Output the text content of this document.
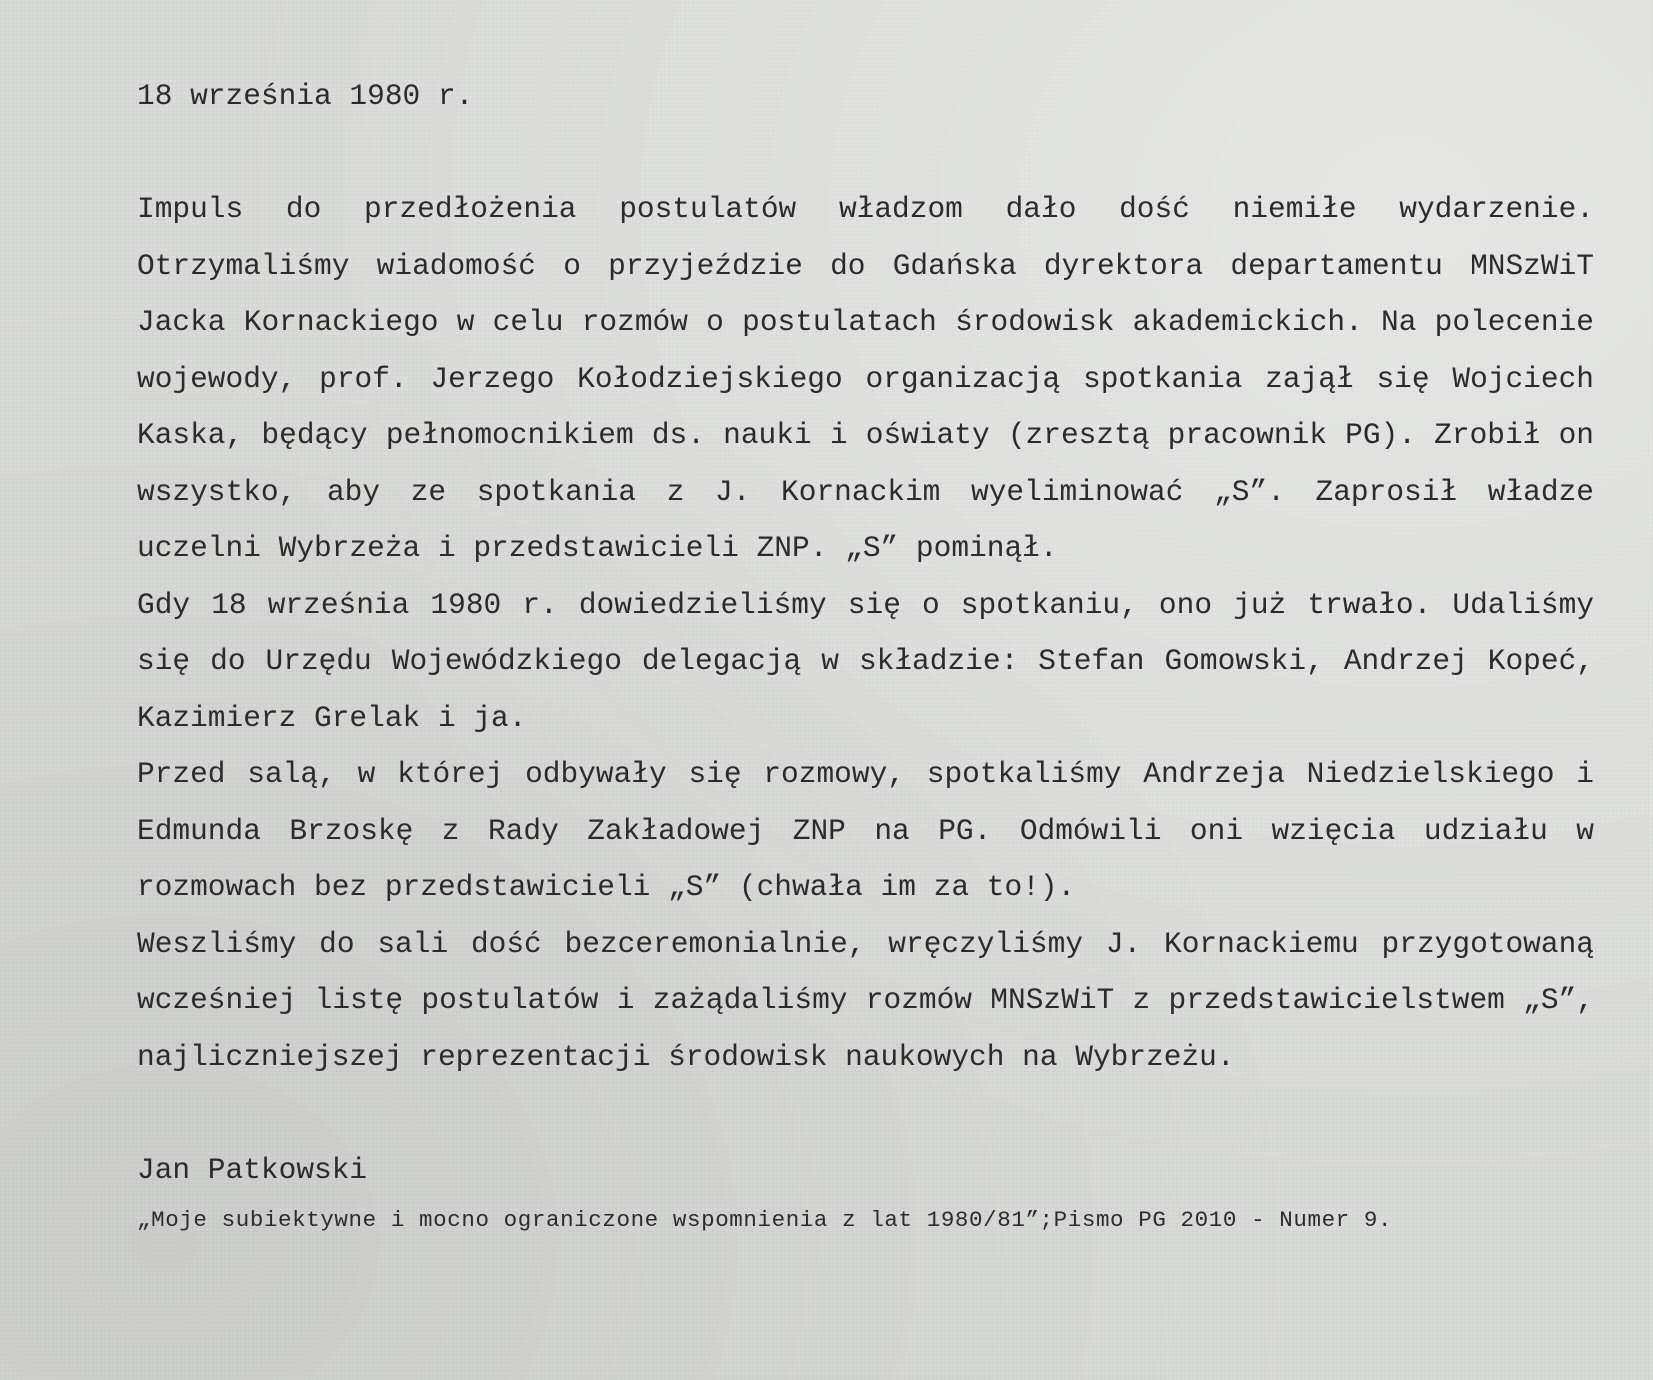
18 września 1980 r.

Impuls do przedłożenia postulatów władzom dało dość niemiłe wydarzenie. Otrzymaliśmy wiadomość o przyjeździe do Gdańska dyrektora departamentu MNSzWiT Jacka Kornackiego w celu rozmów o postulatach środowisk akademickich. Na polecenie wojewody, prof. Jerzego Kołodziejskiego organizacją spotkania zajął się Wojciech Kaska, będący pełnomocnikiem ds. nauki i oświaty (zresztą pracownik PG). Zrobił on wszystko, aby ze spotkania z J. Kornackim wyeliminować „S”. Zaprosił władze uczelni Wybrzeża i przedstawicieli ZNP. „S” pominął.

Gdy 18 września 1980 r. dowiedzieliśmy się o spotkaniu, ono już trwało. Udaliśmy się do Urzędu Wojewódzkiego delegacją w składzie: Stefan Gomowski, Andrzej Kopeć, Kazimierz Grelak i ja.

Przed salą, w której odbywały się rozmowy, spotkaliśmy Andrzeja Niedzielskiego i Edmunda Brzoskę z Rady Zakładowej ZNP na PG. Odmówili oni wzięcia udziału w rozmowach bez przedstawicieli „S” (chwała im za to!).

Weszliśmy do sali dość bezceremonialnie, wręczyliśmy J. Kornackiemu przygotowaną wcześniej listę postulatów i zażądaliśmy rozmów MNSzWiT z przedstawicielstwem „S”, najliczniejszej reprezentacji środowisk naukowych na Wybrzeżu.

Jan Patkowski
„Moje subiektywne i mocno ograniczone wspomnienia z lat 1980/81”;Pismo PG 2010 - Numer 9.
